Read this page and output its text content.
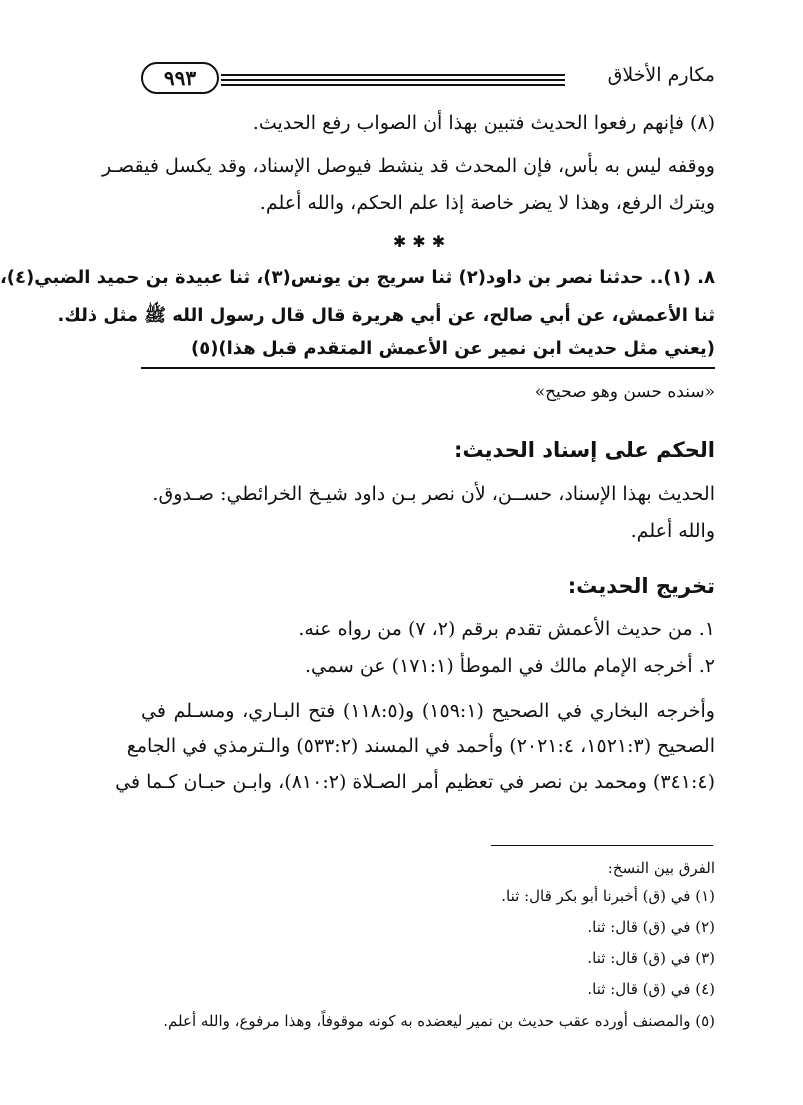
مكارم الأخلاق
٩٩٣
(٨) فإنهم رفعوا الحديث فتبين بهذا أن الصواب رفع الحديث.
ووقفه ليس به بأس، فإن المحدث قد ينشط فيوصل الإسناد، وقد يكسل فيقصـر
ويترك الرفع، وهذا لا يضر خاصة إذا علم الحكم، والله أعلم.
✱✱✱
٨. (١).. حدثنا نصر بن داود(٢) ثنا سريج بن يونس(٣)، ثنا عبيدة بن حميد الضبي(٤)،
ثنا الأعمش، عن أبي صالح، عن أبي هريرة قال قال رسول الله ﷺ مثل ذلك.
(يعني مثل حديث ابن نمير عن الأعمش المتقدم قبل هذا)(٥)
«سنده حسن وهو صحيح»
الحكم على إسناد الحديث:
الحديث بهذا الإسناد، حســن، لأن نصر بـن داود شيـخ الخرائطي: صـدوق.
والله أعلم.
تخريج الحديث:
١. من حديث الأعمش تقدم برقم (٢، ٧) من رواه عنه.
٢. أخرجه الإمام مالك في الموطأ (١٧١:١) عن سمي.
وأخرجه البخاري في الصحيح (١٥٩:١) و(١١٨:٥) فتح البـاري، ومسـلم في
الصحيح (١٥٢١:٣، ٢٠٢١:٤) وأحمد في المسند (٥٣٣:٢) والـترمذي في الجامع
(٣٤١:٤) ومحمد بن نصر في تعظيم أمر الصـلاة (٨١٠:٢)، وابـن حبـان كـما في
الفرق بين النسخ:
(١) في (ق) أخبرنا أبو بكر قال: ثنا.
(٢) في (ق) قال: ثنا.
(٣) في (ق) قال: ثنا.
(٤) في (ق) قال: ثنا.
(٥) والمصنف أورده عقب حديث بن نمير ليعضده به كونه موقوفاً، وهذا مرفوع، والله أعلم.
